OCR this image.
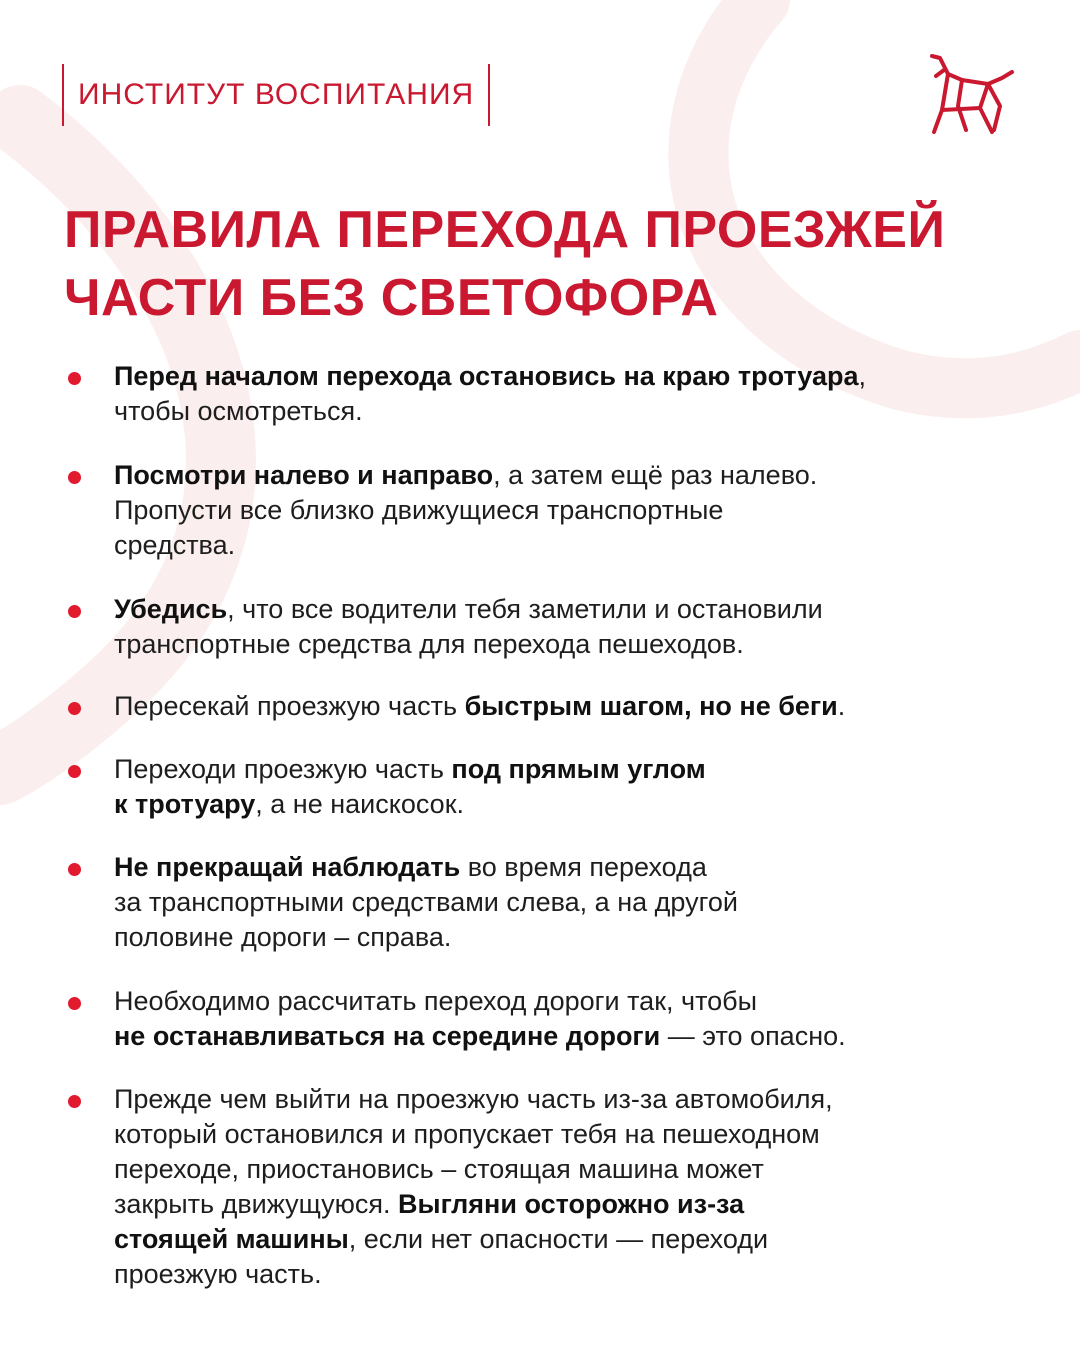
ИНСТИТУТ ВОСПИТАНИЯ
ПРАВИЛА ПЕРЕХОДА ПРОЕЗЖЕЙ
ЧАСТИ БЕЗ СВЕТОФОРА
Перед началом перехода остановись на краю тротуара,
чтобы осмотреться.
Посмотри налево и направо, а затем ещё раз налево.
Пропусти все близко движущиеся транспортные
средства.
Убедись, что все водители тебя заметили и остановили
транспортные средства для перехода пешеходов.
Пересекай проезжую часть быстрым шагом, но не беги.
Переходи проезжую часть под прямым углом
к тротуару, а не наискосок.
Не прекращай наблюдать во время перехода
за транспортными средствами слева, а на другой
половине дороги – справа.
Необходимо рассчитать переход дороги так, чтобы
не останавливаться на середине дороги — это опасно.
Прежде чем выйти на проезжую часть из-за автомобиля,
который остановился и пропускает тебя на пешеходном
переходе, приостановись – стоящая машина может
закрыть движущуюся. Выгляни осторожно из-за
стоящей машины, если нет опасности — переходи
проезжую часть.
